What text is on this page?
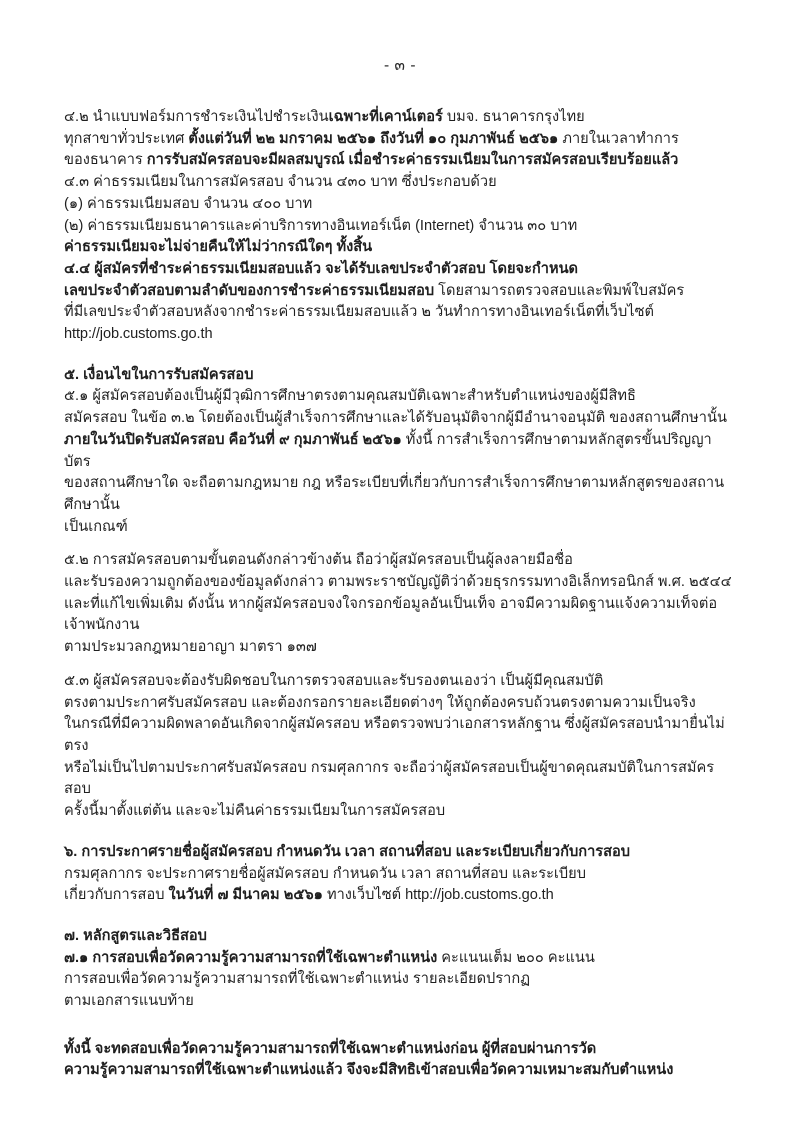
- ๓ -

๔.๒ นำแบบฟอร์มการชำระเงินไปชำระเงินเฉพาะที่เคาน์เตอร์ บมจ. ธนาคารกรุงไทย

ทุกสาขาทั่วประเทศ ตั้งแต่วันที่ ๒๒ มกราคม ๒๕๖๑ ถึงวันที่ ๑๐ กุมภาพันธ์ ๒๕๖๑ ภายในเวลาทำการ

ของธนาคาร การรับสมัครสอบจะมีผลสมบูรณ์ เมื่อชำระค่าธรรมเนียมในการสมัครสอบเรียบร้อยแล้ว

๔.๓ ค่าธรรมเนียมในการสมัครสอบ จำนวน ๔๓๐ บาท ซึ่งประกอบด้วย

(๑) ค่าธรรมเนียมสอบ จำนวน ๔๐๐ บาท

(๒) ค่าธรรมเนียมธนาคารและค่าบริการทางอินเทอร์เน็ต (Internet) จำนวน ๓๐ บาท

ค่าธรรมเนียมจะไม่จ่ายคืนให้ไม่ว่ากรณีใดๆ ทั้งสิ้น

๔.๔ ผู้สมัครที่ชำระค่าธรรมเนียมสอบแล้ว จะได้รับเลขประจำตัวสอบ โดยจะกำหนด

เลขประจำตัวสอบตามลำดับของการชำระค่าธรรมเนียมสอบ โดยสามารถตรวจสอบและพิมพ์ใบสมัคร

ที่มีเลขประจำตัวสอบหลังจากชำระค่าธรรมเนียมสอบแล้ว ๒ วันทำการทางอินเทอร์เน็ตที่เว็บไซต์

http://job.customs.go.th

๕. เงื่อนไขในการรับสมัครสอบ

๕.๑ ผู้สมัครสอบต้องเป็นผู้มีวุฒิการศึกษาตรงตามคุณสมบัติเฉพาะสำหรับตำแหน่งของผู้มีสิทธิ

สมัครสอบ ในข้อ ๓.๒ โดยต้องเป็นผู้สำเร็จการศึกษาและได้รับอนุมัติจากผู้มีอำนาจอนุมัติ ของสถานศึกษานั้น

ภายในวันปิดรับสมัครสอบ คือวันที่ ๙ กุมภาพันธ์ ๒๕๖๑ ทั้งนี้ การสำเร็จการศึกษาตามหลักสูตรขั้นปริญญาบัตร

ของสถานศึกษาใด จะถือตามกฎหมาย กฎ หรือระเบียบที่เกี่ยวกับการสำเร็จการศึกษาตามหลักสูตรของสถานศึกษานั้น

เป็นเกณฑ์

๕.๒ การสมัครสอบตามขั้นตอนดังกล่าวข้างต้น ถือว่าผู้สมัครสอบเป็นผู้ลงลายมือชื่อ

และรับรองความถูกต้องของข้อมูลดังกล่าว ตามพระราชบัญญัติว่าด้วยธุรกรรมทางอิเล็กทรอนิกส์ พ.ศ. ๒๕๔๔

และที่แก้ไขเพิ่มเติม ดังนั้น หากผู้สมัครสอบจงใจกรอกข้อมูลอันเป็นเท็จ อาจมีความผิดฐานแจ้งความเท็จต่อเจ้าพนักงาน

ตามประมวลกฎหมายอาญา มาตรา ๑๓๗

๕.๓ ผู้สมัครสอบจะต้องรับผิดชอบในการตรวจสอบและรับรองตนเองว่า เป็นผู้มีคุณสมบัติ

ตรงตามประกาศรับสมัครสอบ และต้องกรอกรายละเอียดต่างๆ ให้ถูกต้องครบถ้วนตรงตามความเป็นจริง

ในกรณีที่มีความผิดพลาดอันเกิดจากผู้สมัครสอบ หรือตรวจพบว่าเอกสารหลักฐาน ซึ่งผู้สมัครสอบนำมายื่นไม่ตรง

หรือไม่เป็นไปตามประกาศรับสมัครสอบ กรมศุลกากร จะถือว่าผู้สมัครสอบเป็นผู้ขาดคุณสมบัติในการสมัครสอบ

ครั้งนี้มาตั้งแต่ต้น และจะไม่คืนค่าธรรมเนียมในการสมัครสอบ

๖. การประกาศรายชื่อผู้สมัครสอบ กำหนดวัน เวลา สถานที่สอบ และระเบียบเกี่ยวกับการสอบ

กรมศุลกากร จะประกาศรายชื่อผู้สมัครสอบ กำหนดวัน เวลา สถานที่สอบ และระเบียบ

เกี่ยวกับการสอบ ในวันที่ ๗ มีนาคม ๒๕๖๑ ทางเว็บไซต์ http://job.customs.go.th

๗. หลักสูตรและวิธีสอบ

๗.๑ การสอบเพื่อวัดความรู้ความสามารถที่ใช้เฉพาะตำแหน่ง คะแนนเต็ม ๒๐๐ คะแนน

การสอบเพื่อวัดความรู้ความสามารถที่ใช้เฉพาะตำแหน่ง รายละเอียดปรากฏ

ตามเอกสารแนบท้าย

ทั้งนี้ จะทดสอบเพื่อวัดความรู้ความสามารถที่ใช้เฉพาะตำแหน่งก่อน ผู้ที่สอบผ่านการวัด

ความรู้ความสามารถที่ใช้เฉพาะตำแหน่งแล้ว จึงจะมีสิทธิเข้าสอบเพื่อวัดความเหมาะสมกับตำแหน่ง
